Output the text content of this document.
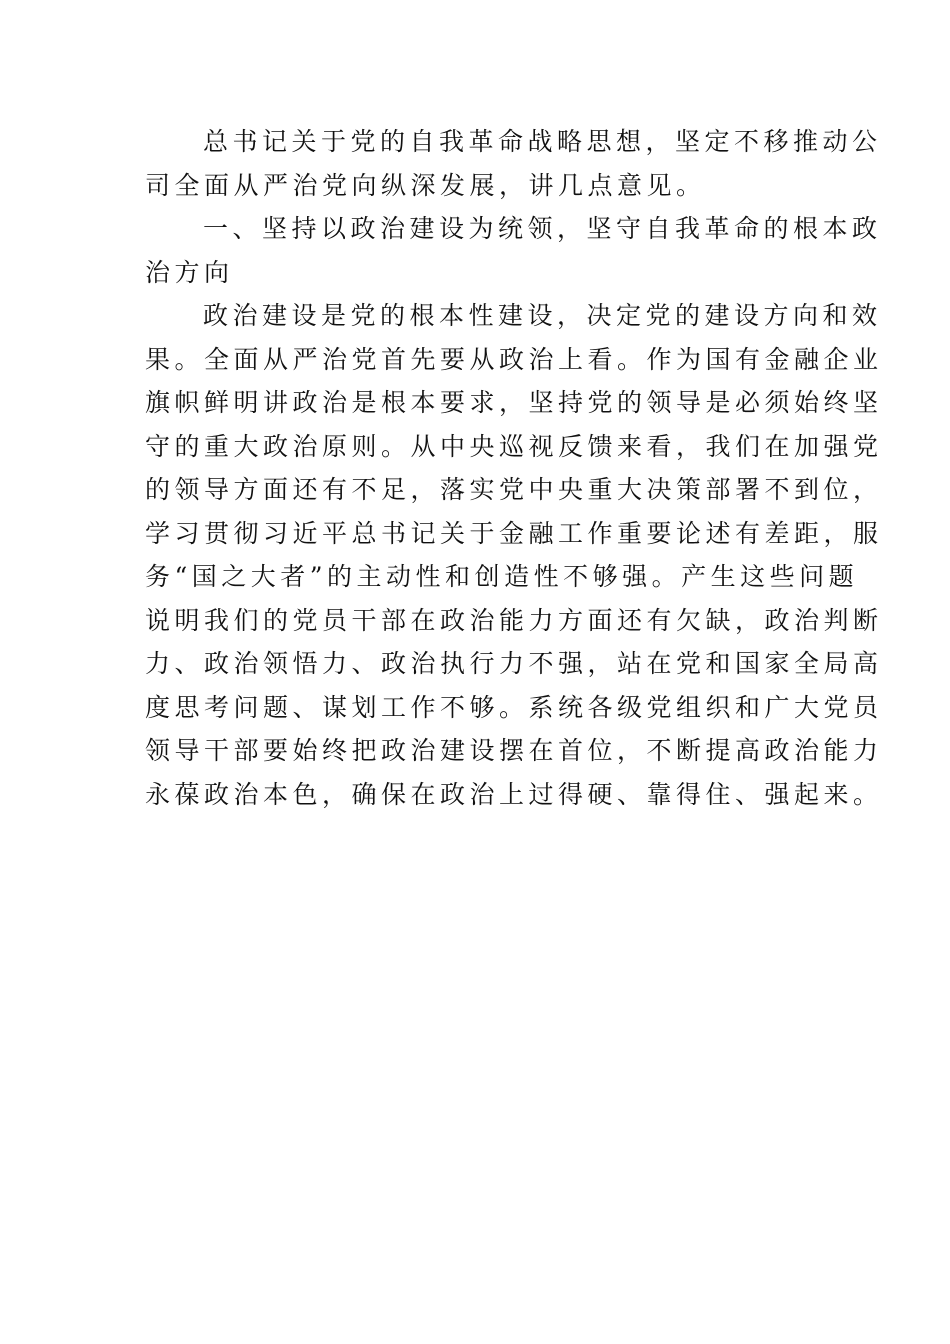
总书记关于党的自我革命战略思想，坚定不移推动公
司全面从严治党向纵深发展，讲几点意见。
一、坚持以政治建设为统领，坚守自我革命的根本政
治方向
政治建设是党的根本性建设，决定党的建设方向和效
果。全面从严治党首先要从政治上看。作为国有金融企业
旗帜鲜明讲政治是根本要求，坚持党的领导是必须始终坚
守的重大政治原则。从中央巡视反馈来看，我们在加强党
的领导方面还有不足，落实党中央重大决策部署不到位，
学习贯彻习近平总书记关于金融工作重要论述有差距，服
务“国之大者”的主动性和创造性不够强。产生这些问题
说明我们的党员干部在政治能力方面还有欠缺，政治判断
力、政治领悟力、政治执行力不强，站在党和国家全局高
度思考问题、谋划工作不够。系统各级党组织和广大党员
领导干部要始终把政治建设摆在首位，不断提高政治能力
永葆政治本色，确保在政治上过得硬、靠得住、强起来。
